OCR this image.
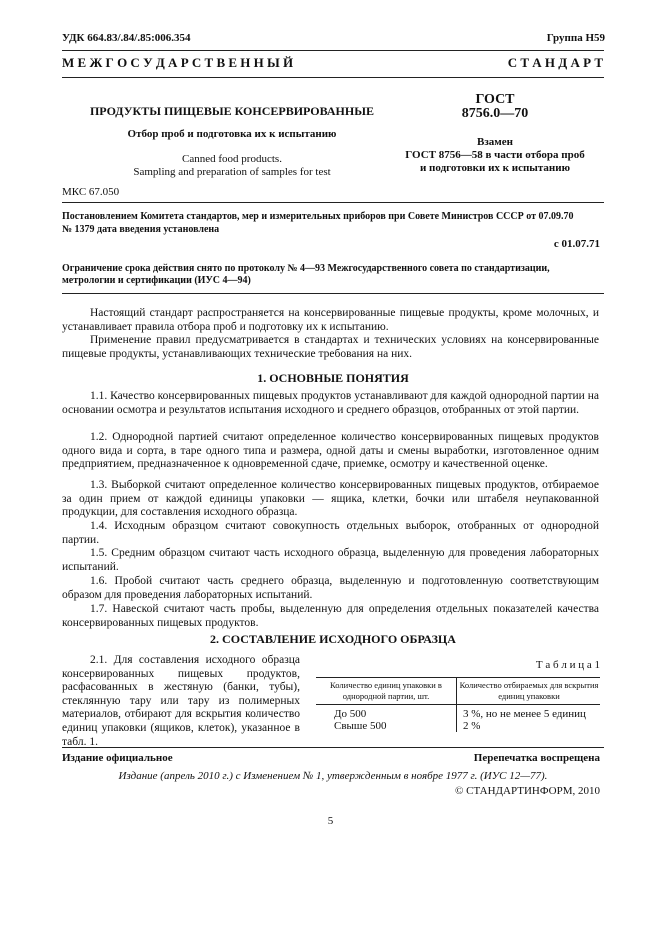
УДК 664.83/.84/.85:006.354	Группа Н59
М Е Ж Г О С У Д А Р С Т В Е Н Н Ы Й	С Т А Н Д А Р Т
ПРОДУКТЫ ПИЩЕВЫЕ КОНСЕРВИРОВАННЫЕ
Отбор проб и подготовка их к испытанию
Canned food products.
Sampling and preparation of samples for test
МКС 67.050
ГОСТ
8756.0—70
Взамен
ГОСТ 8756—58 в части отбора проб
и подготовки их к испытанию
Постановлением Комитета стандартов, мер и измерительных приборов при Совете Министров СССР от 07.09.70
№ 1379 дата введения установлена
с 01.07.71
Ограничение срока действия снято по протоколу № 4—93 Межгосударственного совета по стандартизации,
метрологии и сертификации (ИУС 4—94)
Настоящий стандарт распространяется на консервированные пищевые продукты, кроме молочных, и устанавливает правила отбора проб и подготовку их к испытанию.
Применение правил предусматривается в стандартах и технических условиях на консервированные пищевые продукты, устанавливающих технические требования на них.
1. ОСНОВНЫЕ ПОНЯТИЯ
1.1. Качество консервированных пищевых продуктов устанавливают для каждой однородной партии на основании осмотра и результатов испытания исходного и среднего образцов, отобранных от этой партии.
1.2. Однородной партией считают определенное количество консервированных пищевых продуктов одного вида и сорта, в таре одного типа и размера, одной даты и смены выработки, изготовленное одним предприятием, предназначенное к одновременной сдаче, приемке, осмотру и качественной оценке.
1.3. Выборкой считают определенное количество консервированных пищевых продуктов, отбираемое за один прием от каждой единицы упаковки — ящика, клетки, бочки или штабеля неупакованной продукции, для составления исходного образца.
1.4. Исходным образцом считают совокупность отдельных выборок, отобранных от однородной партии.
1.5. Средним образцом считают часть исходного образца, выделенную для проведения лабораторных испытаний.
1.6. Пробой считают часть среднего образца, выделенную и подготовленную соответствующим образом для проведения лабораторных испытаний.
1.7. Навеской считают часть пробы, выделенную для определения отдельных показателей качества консервированных пищевых продуктов.
2. СОСТАВЛЕНИЕ ИСХОДНОГО ОБРАЗЦА
2.1. Для составления исходного образца консервированных пищевых продуктов, расфасованных в жестяную (банки, тубы), стеклянную тару или тару из полимерных материалов, отбирают для вскрытия количество единиц упаковки (ящиков, клеток), указанное в табл. 1.
Т а б л и ц а 1
Количество единиц упаковки в однородной партии, шт.
Количество отбираемых для вскрытия единиц упаковки
До 500	3 %, но не менее 5 единиц
Свыше 500	2 %
Издание официальное	Перепечатка воспрещена
Издание (апрель 2010 г.) с Изменением № 1, утвержденным в ноябре 1977 г. (ИУС 12—77).
© СТАНДАРТИНФОРМ, 2010
5
